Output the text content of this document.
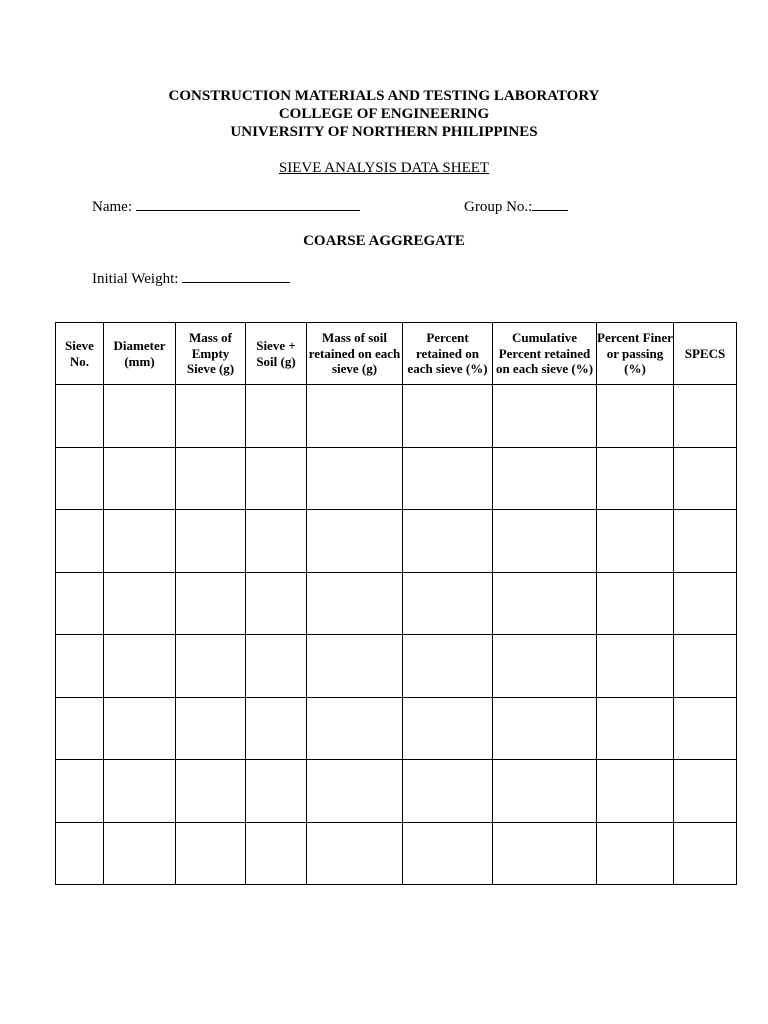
CONSTRUCTION MATERIALS AND TESTING LABORATORY
COLLEGE OF ENGINEERING
UNIVERSITY OF NORTHERN PHILIPPINES
SIEVE ANALYSIS DATA SHEET
Name:	Group No.:
COARSE AGGREGATE
Initial Weight:
Sieve No.	Diameter (mm)	Mass of Empty Sieve (g)	Sieve + Soil (g)	Mass of soil retained on each sieve (g)	Percent retained on each sieve (%)	Cumulative Percent retained on each sieve (%)	Percent Finer or passing (%)	SPECS
